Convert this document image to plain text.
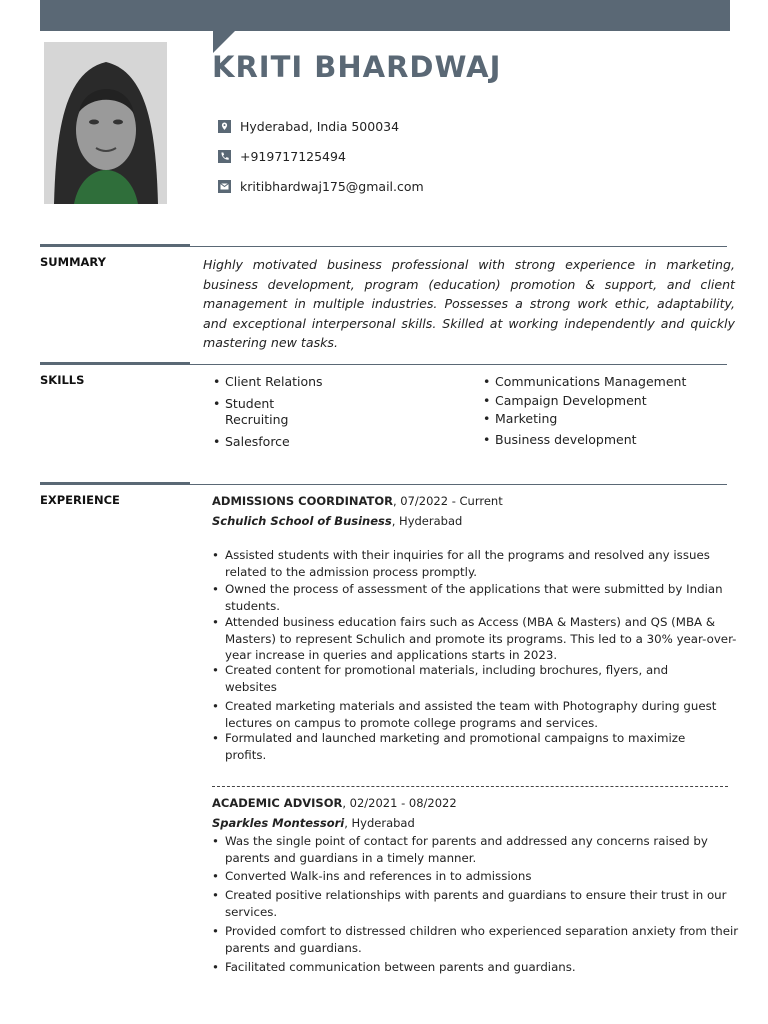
KRITI BHARDWAJ
Hyderabad, India 500034
+919717125494
kritibhardwaj175@gmail.com
SUMMARY	Highly motivated business professional with strong experience in marketing, business development, program (education) promotion & support, and client management in multiple industries. Possesses a strong work ethic, adaptability, and exceptional interpersonal skills. Skilled at working independently and quickly mastering new tasks.
SKILLS
•	Client Relations
• Student Recruiting
• Salesforce
• Communications Management
• Campaign Development
• Marketing
• Business development
EXPERIENCE	ADMISSIONS COORDINATOR, 07/2022 - Current
Schulich School of Business, Hyderabad
• Assisted students with their inquiries for all the programs and resolved any issues related to the admission process promptly.
• Owned the process of assessment of the applications that were submitted by Indian students.
• Attended business education fairs such as Access (MBA & Masters) and QS (MBA & Masters) to represent Schulich and promote its programs. This led to a 30% year-over-year increase in queries and applications starts in 2023.
• Created content for promotional materials, including brochures, flyers, and websites
• Created marketing materials and assisted the team with Photography during guest lectures on campus to promote college programs and services.
• Formulated and launched marketing and promotional campaigns to maximize profits.
ACADEMIC ADVISOR, 02/2021 - 08/2022
Sparkles Montessori, Hyderabad
• Was the single point of contact for parents and addressed any concerns raised by parents and guardians in a timely manner.
• Converted Walk-ins and references in to admissions
• Created positive relationships with parents and guardians to ensure their trust in our services.
• Provided comfort to distressed children who experienced separation anxiety from their parents and guardians.
• Facilitated communication between parents and guardians.
